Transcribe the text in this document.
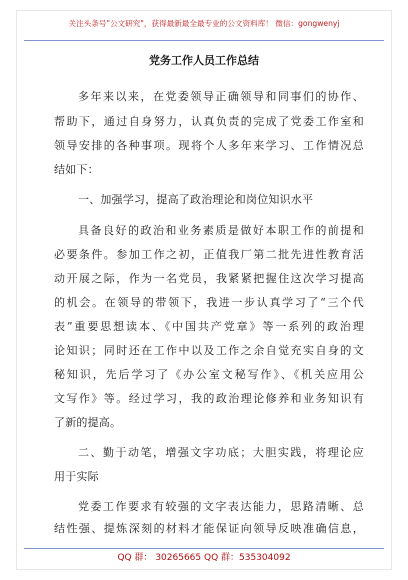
关注头条号"公文研究"，获得最新最全最专业的公文资料库！ 微信：gongwenyj
党务工作人员工作总结
多年来以来，在党委领导正确领导和同事们的协作、
帮助下，通过自身努力，认真负责的完成了党委工作室和
领导安排的各种事项。现将个人多年来学习、工作情况总
结如下：
一、加强学习，提高了政治理论和岗位知识水平
具备良好的政治和业务素质是做好本职工作的前提和
必要条件。参加工作之初，正值我厂第二批先进性教育活
动开展之际，作为一名党员，我紧紧把握住这次学习提高
的机会。在领导的带领下，我进一步认真学习了“三个代
表”重要思想读本、《中国共产党章》等一系列的政治理
论知识；同时还在工作中以及工作之余自觉充实自身的文
秘知识，先后学习了《办公室文秘写作》、《机关应用公
文写作》等。经过学习，我的政治理论修养和业务知识有
了新的提高。
二、勤于动笔，增强文字功底；大胆实践，将理论应
用于实际
党委工作要求有较强的文字表达能力，思路清晰、总
结性强、提炼深刻的材料才能保证向领导反映准确信息，
QQ 群： 30265665 QQ 群：535304092
